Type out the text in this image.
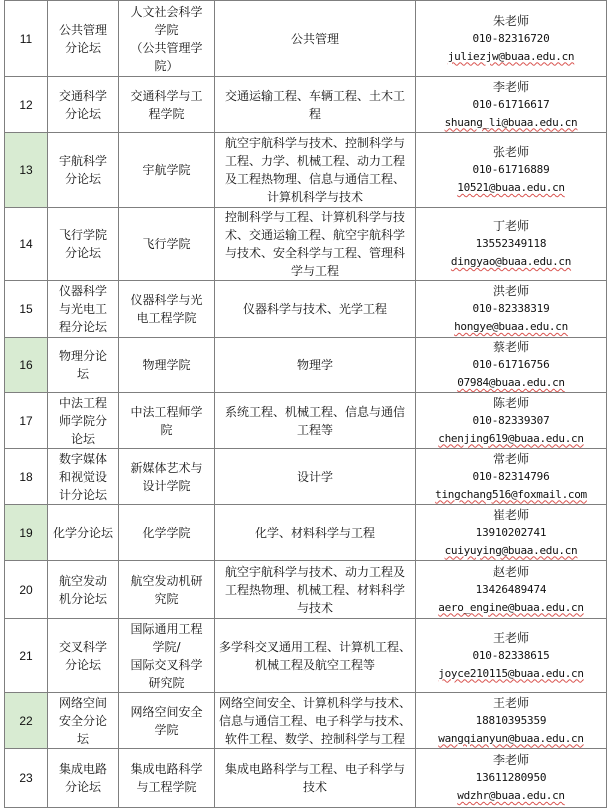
11	公共管理
分论坛	人文社会科学
学院
（公共管理学
院）	公共管理	朱老师
010-82316720
juliezjw@buaa.edu.cn

12	交通科学
分论坛	交通科学与工
程学院	交通运输工程、车辆工程、土木工
程	李老师
010-61716617
shuang_li@buaa.edu.cn

13	宇航科学
分论坛	宇航学院	航空宇航科学与技术、控制科学与
工程、力学、机械工程、动力工程
及工程热物理、信息与通信工程、
计算机科学与技术	张老师
010-61716889
10521@buaa.edu.cn

14	飞行学院
分论坛	飞行学院	控制科学与工程、计算机科学与技
术、交通运输工程、航空宇航科学
与技术、安全科学与工程、管理科
学与工程	丁老师
13552349118
dingyao@buaa.edu.cn

15	仪器科学
与光电工
程分论坛	仪器科学与光
电工程学院	仪器科学与技术、光学工程	洪老师
010-82338319
hongye@buaa.edu.cn

16	物理分论
坛	物理学院	物理学	蔡老师
010-61716756
07984@buaa.edu.cn

17	中法工程
师学院分
论坛	中法工程师学
院	系统工程、机械工程、信息与通信
工程等	陈老师
010-82339307
chenjing619@buaa.edu.cn

18	数字媒体
和视觉设
计分论坛	新媒体艺术与
设计学院	设计学	常老师
010-82314796
tingchang516@foxmail.com

19	化学分论坛	化学学院	化学、材料科学与工程	崔老师
13910202741
cuiyuying@buaa.edu.cn

20	航空发动
机分论坛	航空发动机研
究院	航空宇航科学与技术、动力工程及
工程热物理、机械工程、材料科学
与技术	赵老师
13426489474
aero_engine@buaa.edu.cn

21	交叉科学
分论坛	国际通用工程
学院/
国际交叉科学
研究院	多学科交叉通用工程、计算机工程、
机械工程及航空工程等	王老师
010-82338615
joyce210115@buaa.edu.cn

22	网络空间
安全分论
坛	网络空间安全
学院	网络空间安全、计算机科学与技术、
信息与通信工程、电子科学与技术、
软件工程、数学、控制科学与工程	王老师
18810395359
wangqianyun@buaa.edu.cn

23	集成电路
分论坛	集成电路科学
与工程学院	集成电路科学与工程、电子科学与
技术	李老师
13611280950
wdzhr@buaa.edu.cn
